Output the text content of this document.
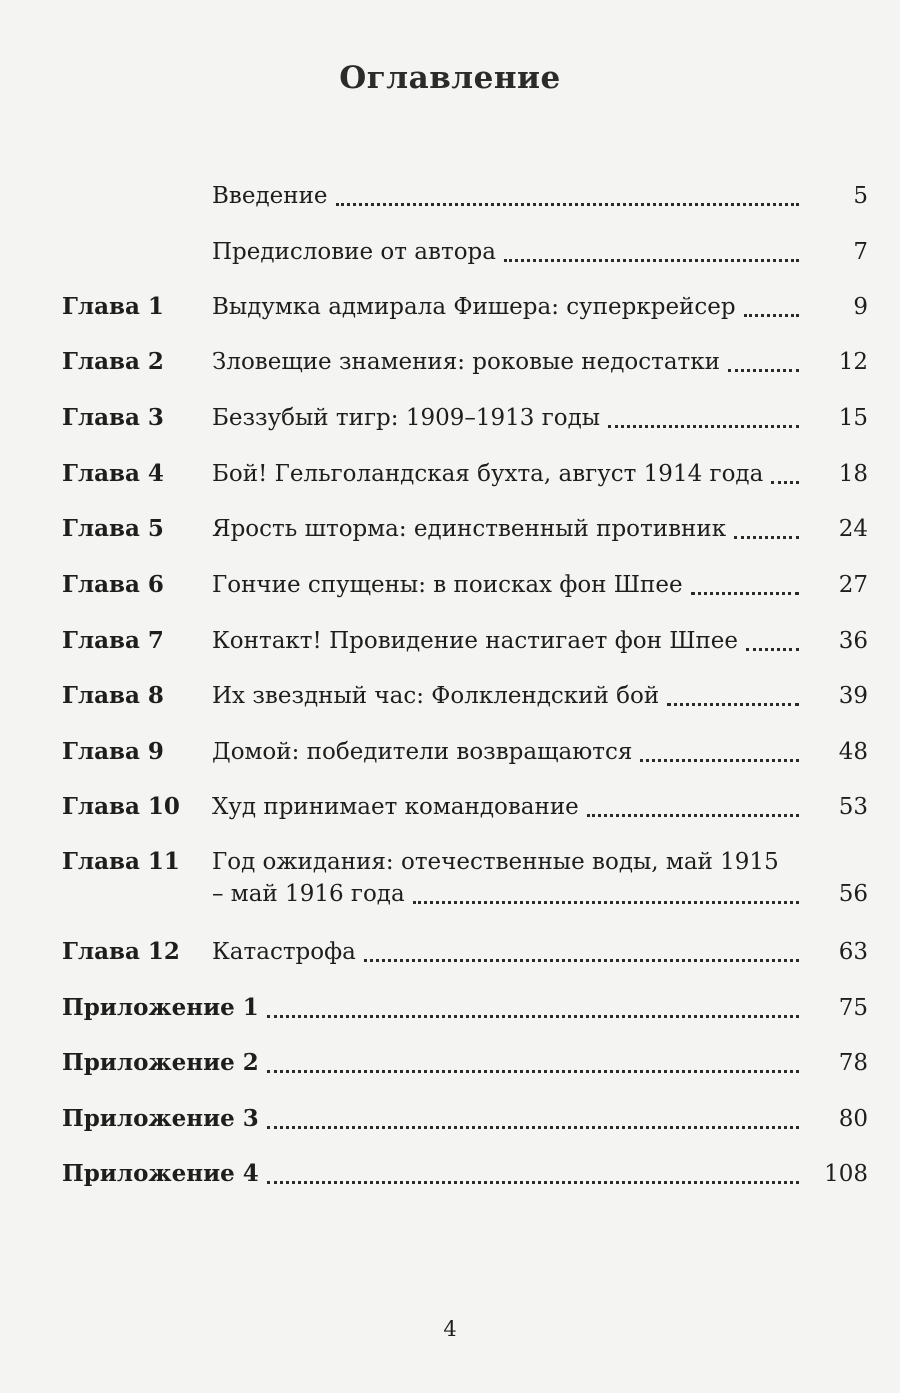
Оглавление
Введение	5
Предисловие от автора	7
Глава 1 Выдумка адмирала Фишера: суперкрейсер	9
Глава 2 Зловещие знамения: роковые недостатки	12
Глава 3 Беззубый тигр: 1909–1913 годы	15
Глава 4 Бой! Гельголандская бухта, август 1914 года	18
Глава 5 Ярость шторма: единственный противник	24
Глава 6 Гончие спущены: в поисках фон Шпее	27
Глава 7 Контакт! Провидение настигает фон Шпее	36
Глава 8 Их звездный час: Фолклендский бой	39
Глава 9 Домой: победители возвращаются	48
Глава 10 Худ принимает командование	53
Глава 11 Год ожидания: отечественные воды, май 1915
– май 1916 года	56
Глава 12 Катастрофа	63
Приложение 1	75
Приложение 2	78
Приложение 3	80
Приложение 4	108
4
